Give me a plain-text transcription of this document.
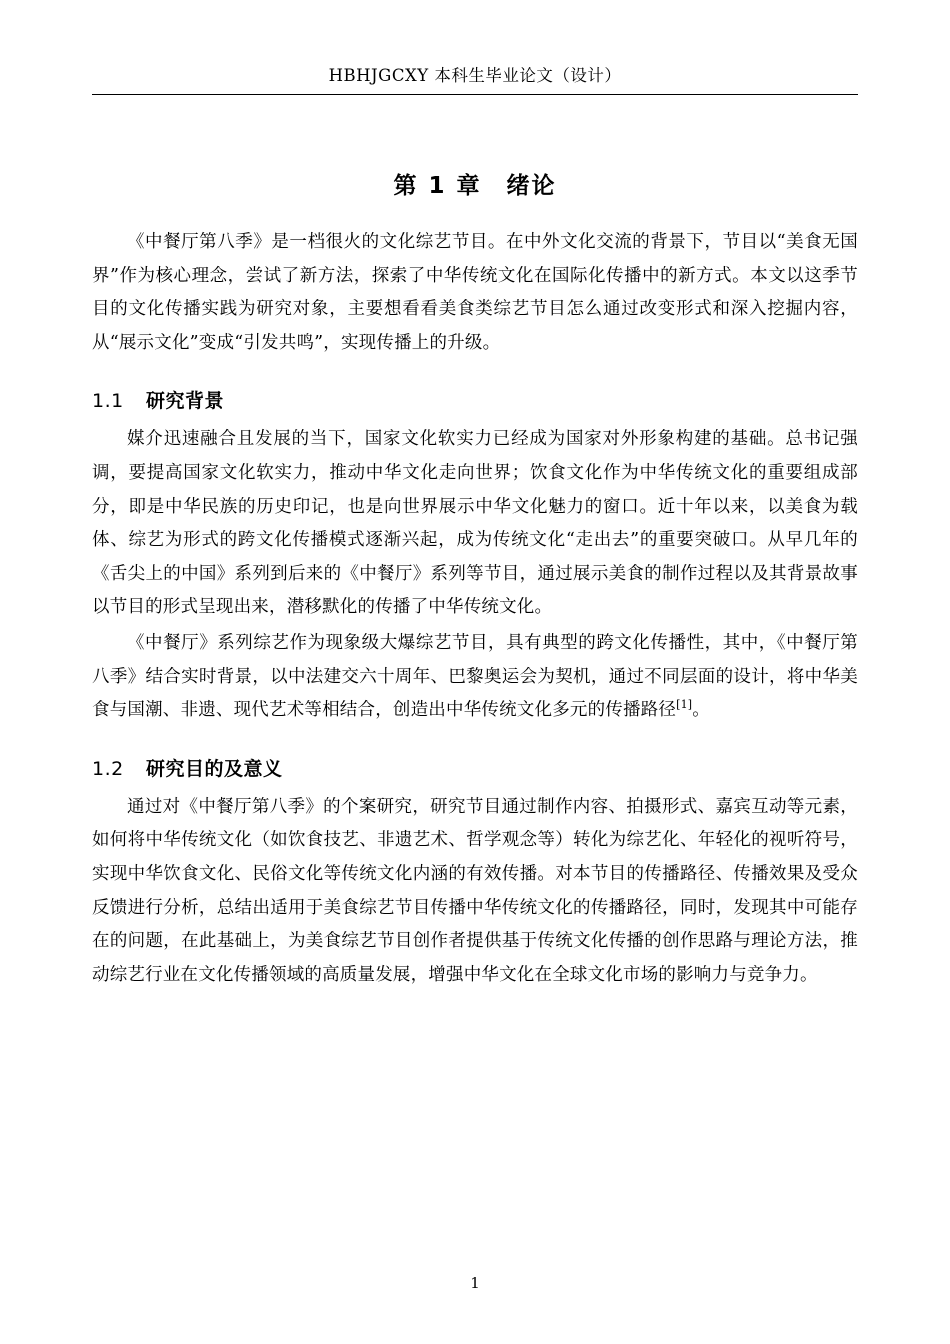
HBHJGCXY 本科生毕业论文（设计）
第 1 章　绪论

《中餐厅第八季》是一档很火的文化综艺节目。在中外文化交流的背景下，节目以“美食无国界”作为核心理念，尝试了新方法，探索了中华传统文化在国际化传播中的新方式。本文以这季节目的文化传播实践为研究对象，主要想看看美食类综艺节目怎么通过改变形式和深入挖掘内容，从“展示文化”变成“引发共鸣”，实现传播上的升级。

1.1 研究背景

媒介迅速融合且发展的当下，国家文化软实力已经成为国家对外形象构建的基础。总书记强调，要提高国家文化软实力，推动中华文化走向世界；饮食文化作为中华传统文化的重要组成部分，即是中华民族的历史印记，也是向世界展示中华文化魅力的窗口。近十年以来，以美食为载体、综艺为形式的跨文化传播模式逐渐兴起，成为传统文化“走出去”的重要突破口。从早几年的《舌尖上的中国》系列到后来的《中餐厅》系列等节目，通过展示美食的制作过程以及其背景故事以节目的形式呈现出来，潜移默化的传播了中华传统文化。

《中餐厅》系列综艺作为现象级大爆综艺节目，具有典型的跨文化传播性，其中，《中餐厅第八季》结合实时背景，以中法建交六十周年、巴黎奥运会为契机，通过不同层面的设计，将中华美食与国潮、非遗、现代艺术等相结合，创造出中华传统文化多元的传播路径[1]。

1.2 研究目的及意义

通过对《中餐厅第八季》的个案研究，研究节目通过制作内容、拍摄形式、嘉宾互动等元素，如何将中华传统文化（如饮食技艺、非遗艺术、哲学观念等）转化为综艺化、年轻化的视听符号，实现中华饮食文化、民俗文化等传统文化内涵的有效传播。对本节目的传播路径、传播效果及受众反馈进行分析，总结出适用于美食综艺节目传播中华传统文化的传播路径，同时，发现其中可能存在的问题，在此基础上，为美食综艺节目创作者提供基于传统文化传播的创作思路与理论方法，推动综艺行业在文化传播领域的高质量发展，增强中华文化在全球文化市场的影响力与竞争力。

1
